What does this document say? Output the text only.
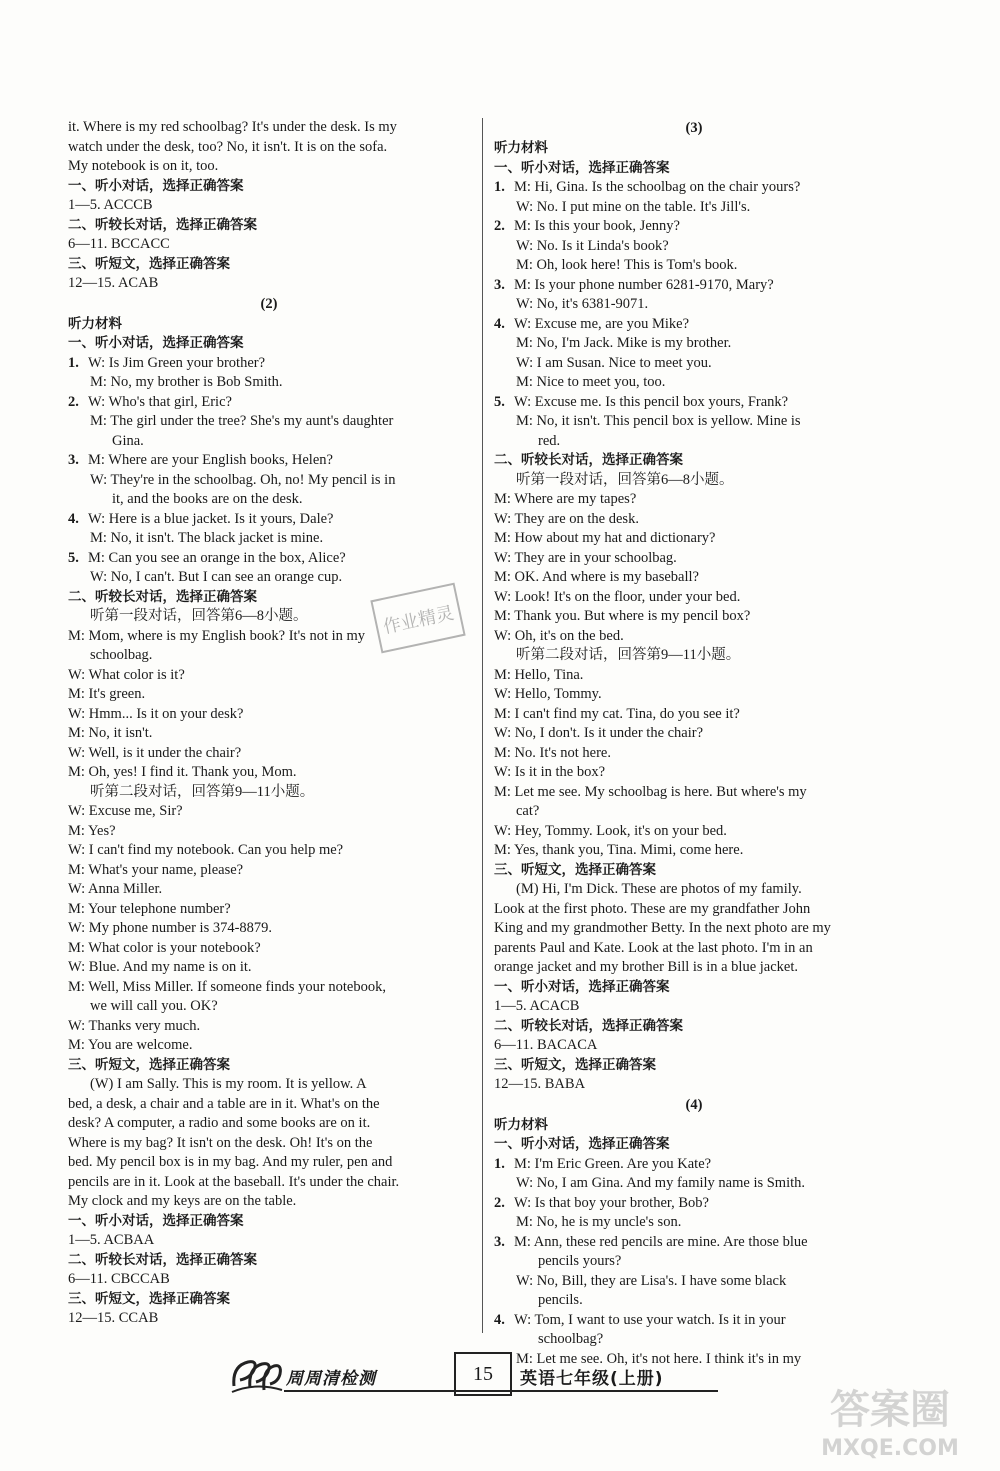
it. Where is my red schoolbag? It's under the desk. Is my
watch under the desk, too? No, it isn't. It is on the sofa.
My notebook is on it, too.
一、听小对话，选择正确答案
1—5. ACCCB
二、听较长对话，选择正确答案
6—11. BCCACC
三、听短文，选择正确答案
12—15. ACAB
(2)
听力材料
一、听小对话，选择正确答案
1. W: Is Jim Green your brother?
M: No, my brother is Bob Smith.
2. W: Who's that girl, Eric?
M: The girl under the tree? She's my aunt's daughter
Gina.
3. M: Where are your English books, Helen?
W: They're in the schoolbag. Oh, no! My pencil is in
it, and the books are on the desk.
4. W: Here is a blue jacket. Is it yours, Dale?
M: No, it isn't. The black jacket is mine.
5. M: Can you see an orange in the box, Alice?
W: No, I can't. But I can see an orange cup.
二、听较长对话，选择正确答案
听第一段对话，回答第6—8小题。
M: Mom, where is my English book? It's not in my
schoolbag.
W: What color is it?
M: It's green.
W: Hmm... Is it on your desk?
M: No, it isn't.
W: Well, is it under the chair?
M: Oh, yes! I find it. Thank you, Mom.
听第二段对话，回答第9—11小题。
W: Excuse me, Sir?
M: Yes?
W: I can't find my notebook. Can you help me?
M: What's your name, please?
W: Anna Miller.
M: Your telephone number?
W: My phone number is 374-8879.
M: What color is your notebook?
W: Blue. And my name is on it.
M: Well, Miss Miller. If someone finds your notebook,
we will call you. OK?
W: Thanks very much.
M: You are welcome.
三、听短文，选择正确答案
(W) I am Sally. This is my room. It is yellow. A
bed, a desk, a chair and a table are in it. What's on the
desk? A computer, a radio and some books are on it.
Where is my bag? It isn't on the desk. Oh! It's on the
bed. My pencil box is in my bag. And my ruler, pen and
pencils are in it. Look at the baseball. It's under the chair.
My clock and my keys are on the table.
一、听小对话，选择正确答案
1—5. ACBAA
二、听较长对话，选择正确答案
6—11. CBCCAB
三、听短文，选择正确答案
12—15. CCAB
(3)
听力材料
一、听小对话，选择正确答案
1. M: Hi, Gina. Is the schoolbag on the chair yours?
W: No. I put mine on the table. It's Jill's.
2. M: Is this your book, Jenny?
W: No. Is it Linda's book?
M: Oh, look here! This is Tom's book.
3. M: Is your phone number 6281-9170, Mary?
W: No, it's 6381-9071.
4. W: Excuse me, are you Mike?
M: No, I'm Jack. Mike is my brother.
W: I am Susan. Nice to meet you.
M: Nice to meet you, too.
5. W: Excuse me. Is this pencil box yours, Frank?
M: No, it isn't. This pencil box is yellow. Mine is
red.
二、听较长对话，选择正确答案
听第一段对话，回答第6—8小题。
M: Where are my tapes?
W: They are on the desk.
M: How about my hat and dictionary?
W: They are in your schoolbag.
M: OK. And where is my baseball?
W: Look! It's on the floor, under your bed.
M: Thank you. But where is my pencil box?
W: Oh, it's on the bed.
听第二段对话，回答第9—11小题。
M: Hello, Tina.
W: Hello, Tommy.
M: I can't find my cat. Tina, do you see it?
W: No, I don't. Is it under the chair?
M: No. It's not here.
W: Is it in the box?
M: Let me see. My schoolbag is here. But where's my
cat?
W: Hey, Tommy. Look, it's on your bed.
M: Yes, thank you, Tina. Mimi, come here.
三、听短文，选择正确答案
(M) Hi, I'm Dick. These are photos of my family.
Look at the first photo. These are my grandfather John
King and my grandmother Betty. In the next photo are my
parents Paul and Kate. Look at the last photo. I'm in an
orange jacket and my brother Bill is in a blue jacket.
一、听小对话，选择正确答案
1—5. ACACB
二、听较长对话，选择正确答案
6—11. BACACA
三、听短文，选择正确答案
12—15. BABA
(4)
听力材料
一、听小对话，选择正确答案
1. M: I'm Eric Green. Are you Kate?
W: No, I am Gina. And my family name is Smith.
2. W: Is that boy your brother, Bob?
M: No, he is my uncle's son.
3. M: Ann, these red pencils are mine. Are those blue
pencils yours?
W: No, Bill, they are Lisa's. I have some black
pencils.
4. W: Tom, I want to use your watch. Is it in your
schoolbag?
M: Let me see. Oh, it's not here. I think it's in my
作业精灵
周周清检测	15	英语七年级(上册)
答案圈
MXQE.COM
